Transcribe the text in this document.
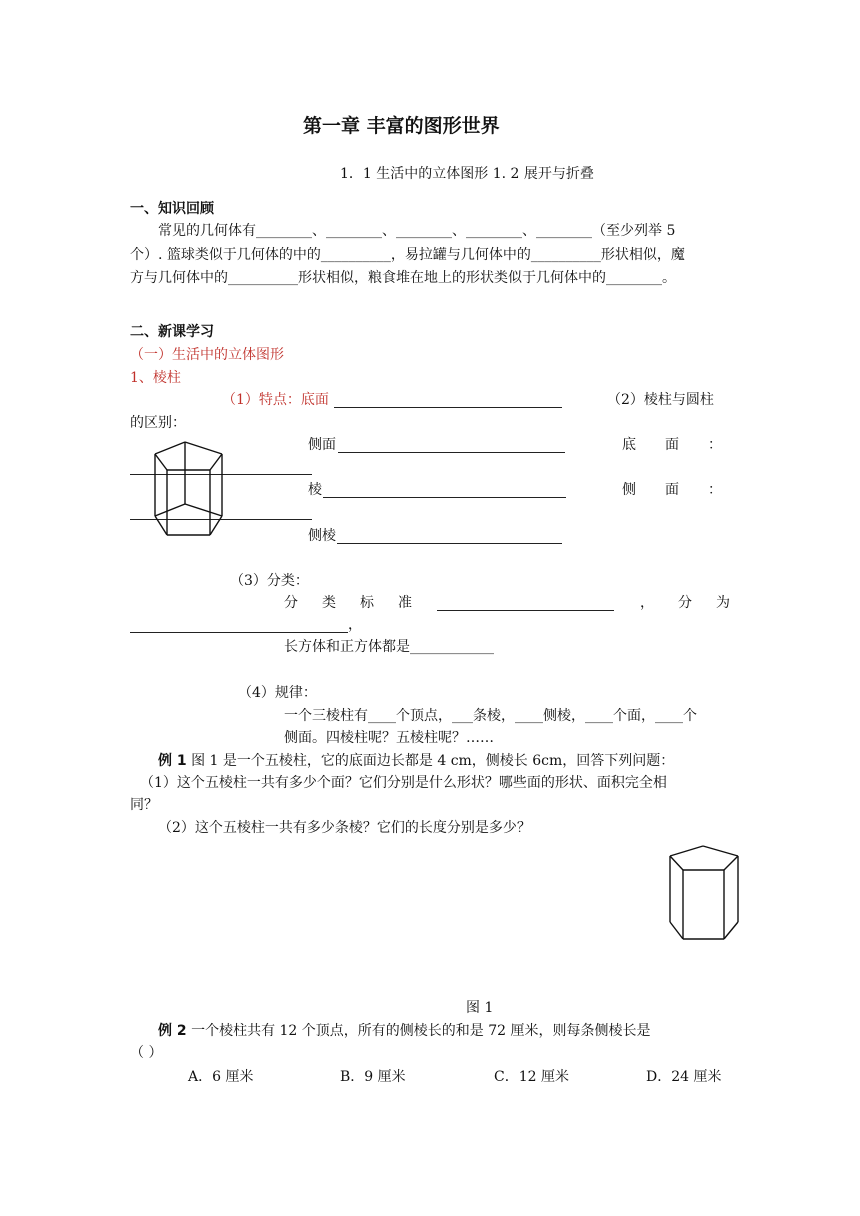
第一章 丰富的图形世界
1．1 生活中的立体图形 1. 2 展开与折叠
一、知识回顾
常见的几何体有________、________、________、________、________（至少列举 5
个）. 篮球类似于几何体的中的__________，易拉罐与几何体中的__________形状相似，魔
方与几何体中的__________形状相似，粮食堆在地上的形状类似于几何体中的________。
二、新课学习
（一）生活中的立体图形
1、棱柱
（1）特点：底面	（2）棱柱与圆柱
的区别：
侧面	底 面 ：
棱	侧 面 ：
侧棱
（3）分类：
分 类 标 准	， 分 为
，
长方体和正方体都是____________
（4）规律：
一个三棱柱有____个顶点，___条棱，____侧棱，____个面，____个
侧面。四棱柱呢？五棱柱呢？……
例 1 图 1 是一个五棱柱，它的底面边长都是 4 cm，侧棱长 6cm，回答下列问题：
（1）这个五棱柱一共有多少个面？它们分别是什么形状？哪些面的形状、面积完全相
同？
（2）这个五棱柱一共有多少条棱？它们的长度分别是多少？
图 1
例 2 一个棱柱共有 12 个顶点，所有的侧棱长的和是 72 厘米，则每条侧棱长是
（ ）
A．6 厘米	B．9 厘米	C．12 厘米	D．24 厘米
